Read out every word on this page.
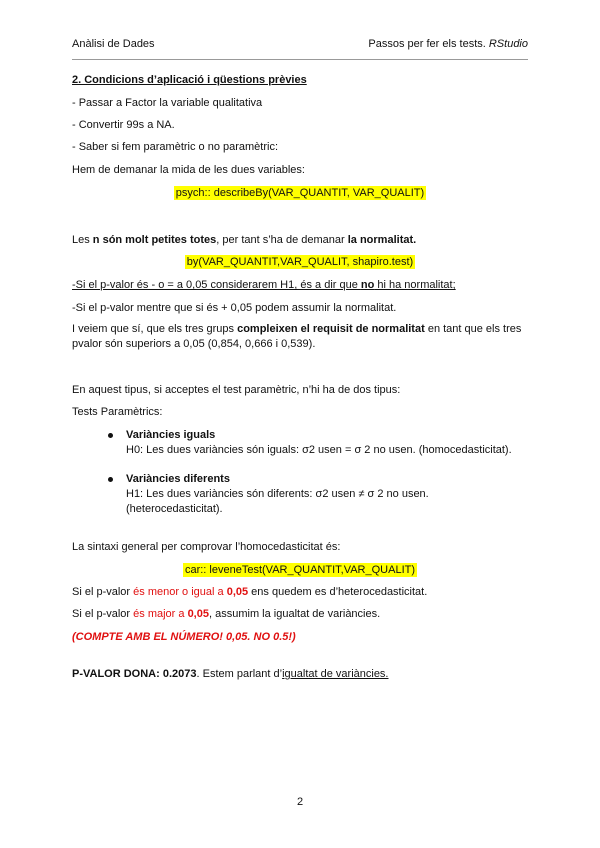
Anàlisi de Dades	Passos per fer els tests. RStudio
2. Condicions d’aplicació i qüestions prèvies
- Passar a Factor la variable qualitativa
- Convertir 99s a NA.
- Saber si fem paramètric o no paramètric:
Hem de demanar la mida de les dues variables:
psych:: describeBy(VAR_QUANTIT, VAR_QUALIT)
Les n són molt petites totes, per tant s’ha de demanar la normalitat.
by(VAR_QUANTIT,VAR_QUALIT, shapiro.test)
-Si el p-valor és - o = a 0,05 considerarem H1, és a dir que no hi ha normalitat;
-Si el p-valor mentre que si és + 0,05 podem assumir la normalitat.
I veiem que sí, que els tres grups compleixen el requisit de normalitat en tant que els tres
pvalor són superiors a 0,05 (0,854, 0,666 i 0,539).
En aquest tipus, si acceptes el test paramètric, n’hi ha de dos tipus:
Tests Paramètrics:
Variàncies iguals
H0: Les dues variàncies són iguals: σ2 usen = σ 2 no usen. (homocedasticitat).
Variàncies diferents
H1: Les dues variàncies són diferents: σ2 usen ≠ σ 2 no usen.
(heterocedasticitat).
La sintaxi general per comprovar l’homocedasticitat és:
car:: leveneTest(VAR_QUANTIT,VAR_QUALIT)
Si el p-valor és menor o igual a 0,05 ens quedem es d’heterocedasticitat.
Si el p-valor és major a 0,05, assumim la igualtat de variàncies.
(COMPTE AMB EL NÚMERO! 0,05. NO 0.5!)
P-VALOR DONA: 0.2073. Estem parlant d’igualtat de variàncies.
2
